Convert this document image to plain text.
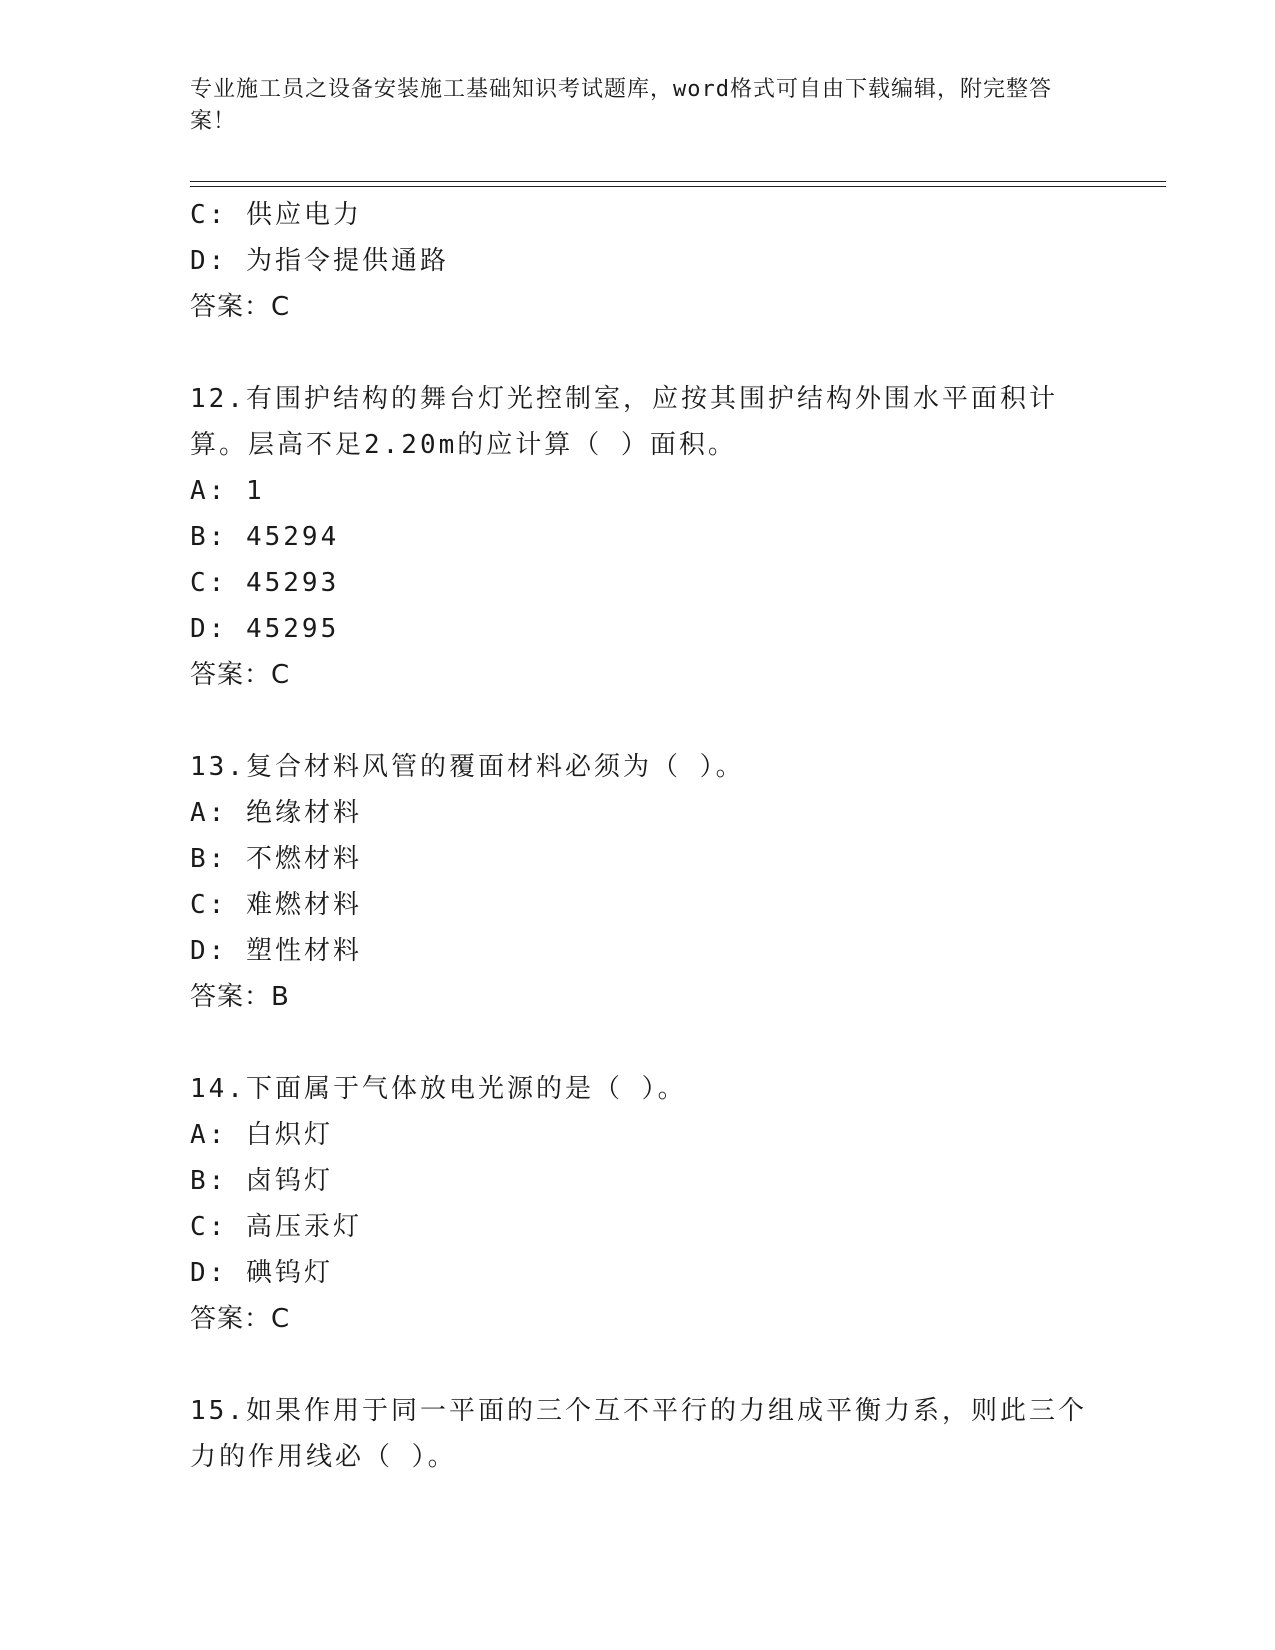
专业施工员之设备安装施工基础知识考试题库，word格式可自由下载编辑，附完整答案！
C: 供应电力
D: 为指令提供通路
答案：C
12.有围护结构的舞台灯光控制室，应按其围护结构外围水平面积计算。层高不足2.20m的应计算（ ）面积。
A: 1
B: 45294
C: 45293
D: 45295
答案：C
13.复合材料风管的覆面材料必须为（ ）。
A: 绝缘材料
B: 不燃材料
C: 难燃材料
D: 塑性材料
答案：B
14.下面属于气体放电光源的是（ ）。
A: 白炽灯
B: 卤钨灯
C: 高压汞灯
D: 碘钨灯
答案：C
15.如果作用于同一平面的三个互不平行的力组成平衡力系，则此三个力的作用线必（ ）。
